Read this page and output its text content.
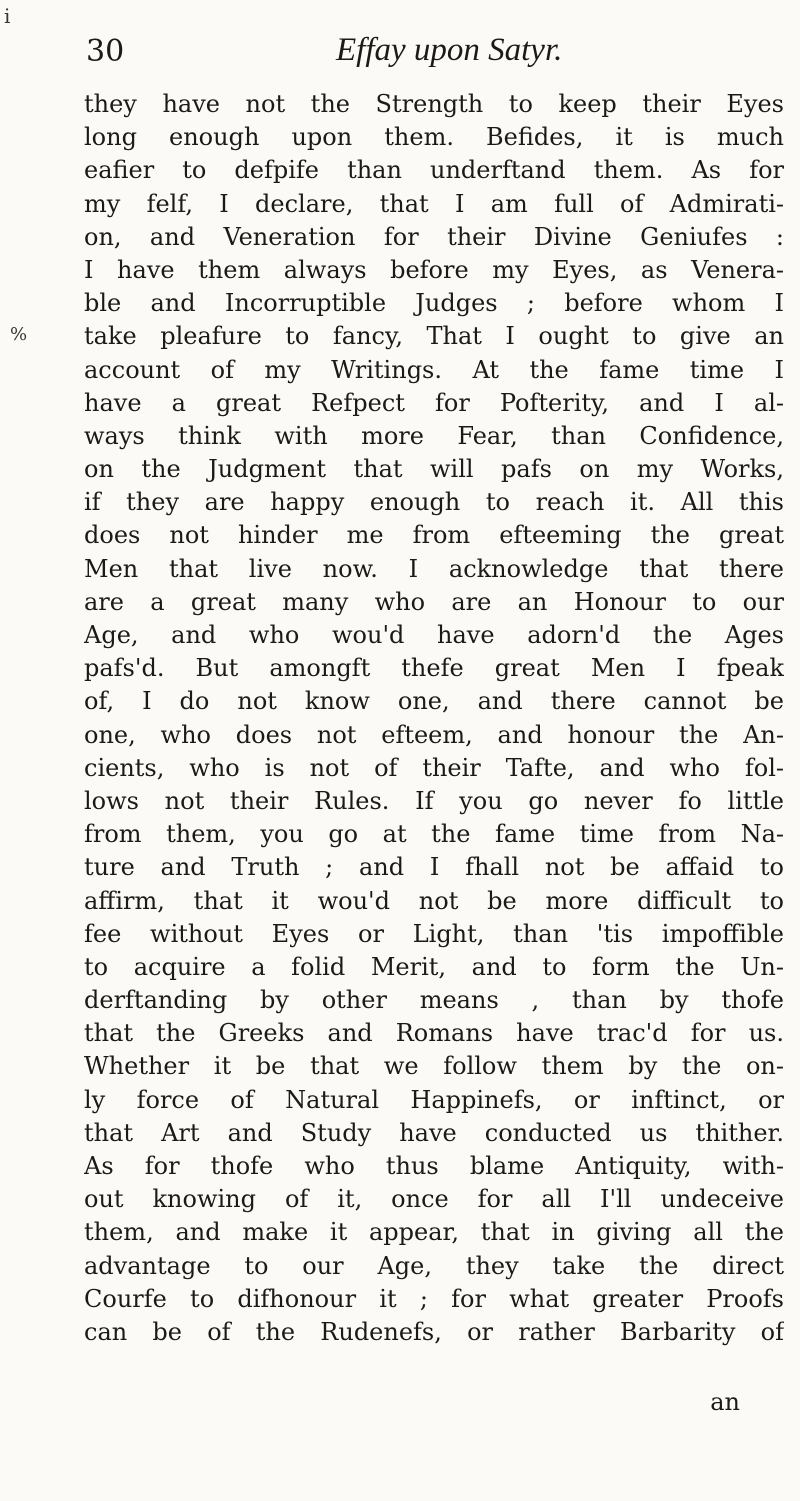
i
30	Effay upon Satyr.
%
they have not the Strength to keep their Eyes
long enough upon them. Befides, it is much
eafier to defpife than underftand them. As for
my felf, I declare, that I am full of Admirati-
on, and Veneration for their Divine Geniufes :
I have them always before my Eyes, as Venera-
ble and Incorruptible Judges ; before whom I
take pleafure to fancy, That I ought to give an
account of my Writings. At the fame time I
have a great Refpect for Pofterity, and I al-
ways think with more Fear, than Confidence,
on the Judgment that will pafs on my Works,
if they are happy enough to reach it. All this
does not hinder me from efteeming the great
Men that live now. I acknowledge that there
are a great many who are an Honour to our
Age, and who wou'd have adorn'd the Ages
pafs'd. But amongft thefe great Men I fpeak
of, I do not know one, and there cannot be
one, who does not efteem, and honour the An-
cients, who is not of their Tafte, and who fol-
lows not their Rules. If you go never fo little
from them, you go at the fame time from Na-
ture and Truth ; and I fhall not be affaid to
affirm, that it wou'd not be more difficult to
fee without Eyes or Light, than 'tis impoffible
to acquire a folid Merit, and to form the Un-
derftanding by other means , than by thofe
that the Greeks and Romans have trac'd for us.
Whether it be that we follow them by the on-
ly force of Natural Happinefs, or inftinct, or
that Art and Study have conducted us thither.
As for thofe who thus blame Antiquity, with-
out knowing of it, once for all I'll undeceive
them, and make it appear, that in giving all the
advantage to our Age, they take the direct
Courfe to difhonour it ; for what greater Proofs
can be of the Rudenefs, or rather Barbarity of
an
